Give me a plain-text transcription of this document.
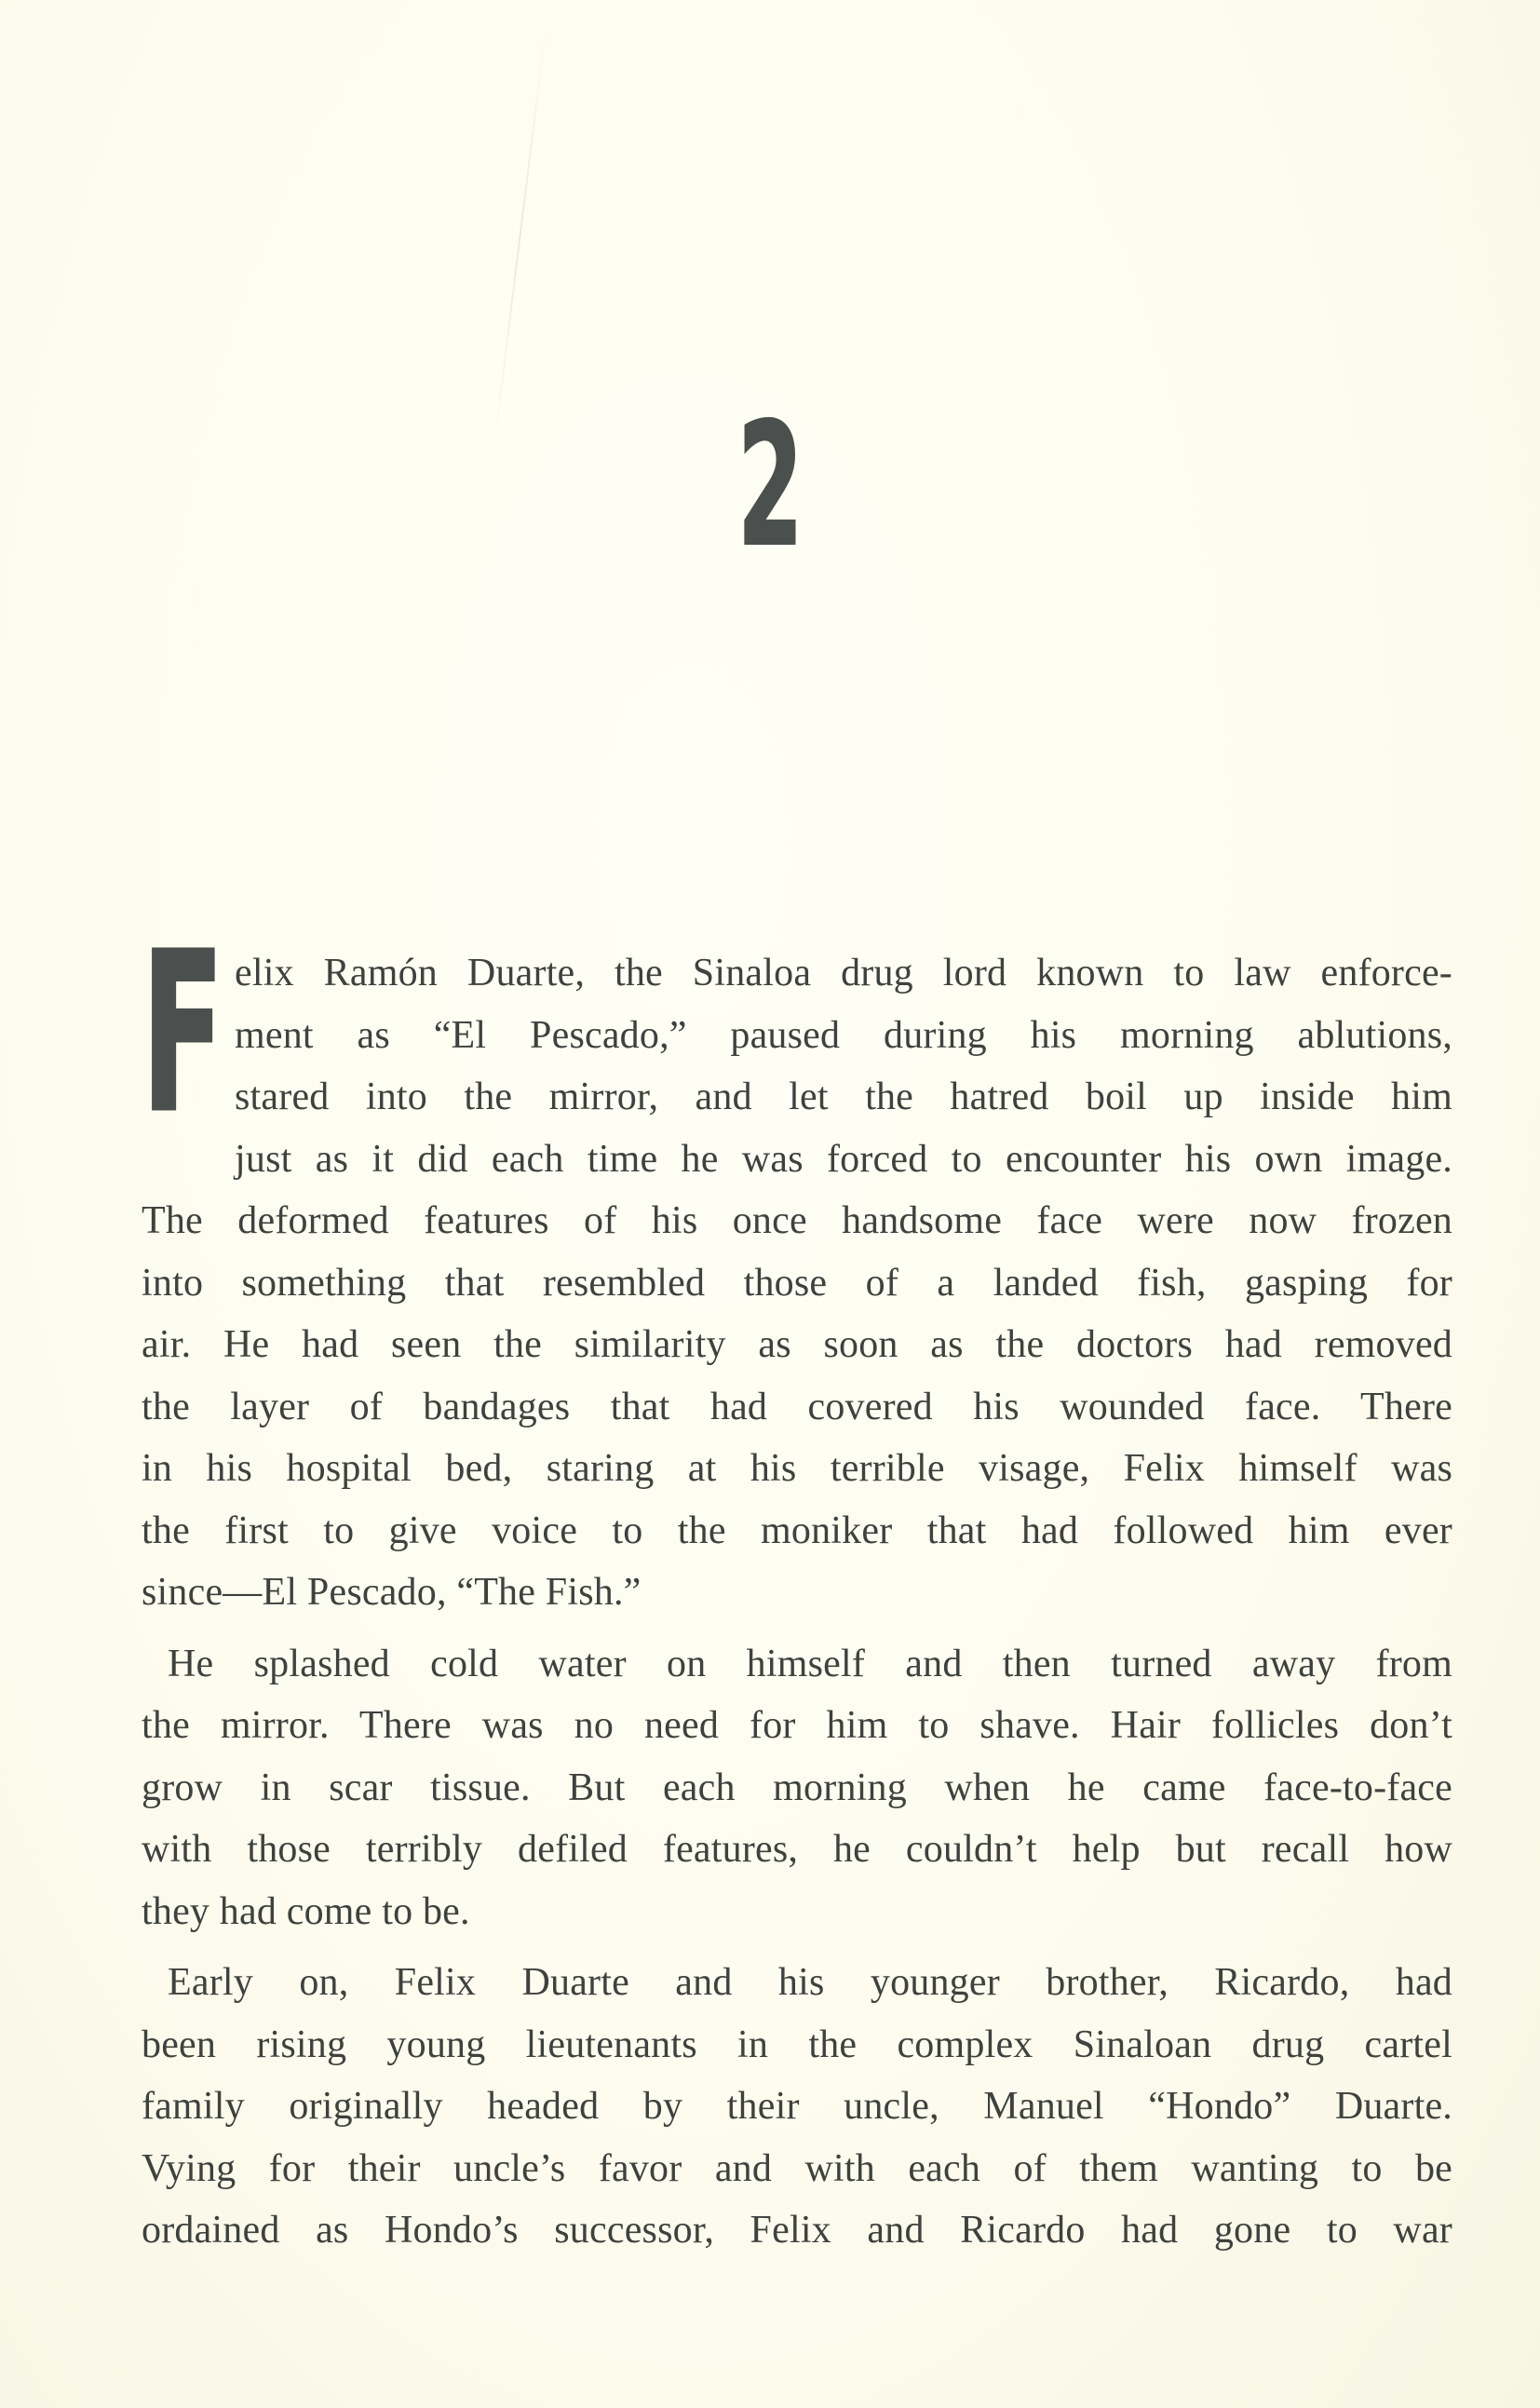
2
F elix Ramón Duarte, the Sinaloa drug lord known to law enforce-
ment as “El Pescado,” paused during his morning ablutions,
stared into the mirror, and let the hatred boil up inside him
just as it did each time he was forced to encounter his own image.
The deformed features of his once handsome face were now frozen
into something that resembled those of a landed fish, gasping for
air. He had seen the similarity as soon as the doctors had removed
the layer of bandages that had covered his wounded face. There
in his hospital bed, staring at his terrible visage, Felix himself was
the first to give voice to the moniker that had followed him ever
since—El Pescado, “The Fish.”
He splashed cold water on himself and then turned away from
the mirror. There was no need for him to shave. Hair follicles don’t
grow in scar tissue. But each morning when he came face-to-face
with those terribly defiled features, he couldn’t help but recall how
they had come to be.
Early on, Felix Duarte and his younger brother, Ricardo, had
been rising young lieutenants in the complex Sinaloan drug cartel
family originally headed by their uncle, Manuel “Hondo” Duarte.
Vying for their uncle’s favor and with each of them wanting to be
ordained as Hondo’s successor, Felix and Ricardo had gone to war
